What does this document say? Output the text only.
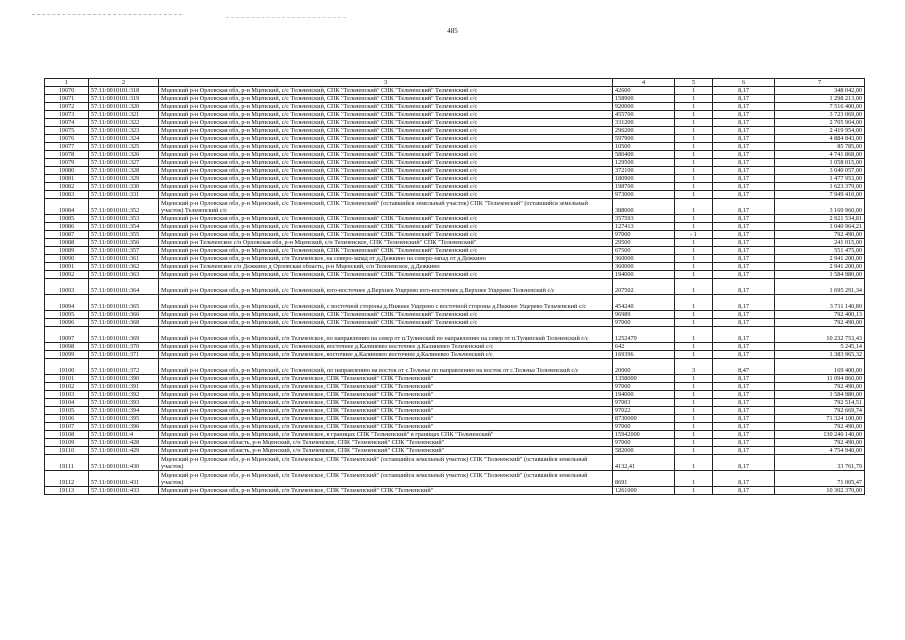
485
1	2	3	4	5	6	7
19070	57:11:0010101:318	Мценский р-н Орловская обл, р-н Мценский, с/с Тельченский, СПК "Тельченский" СПК "Тельченский" Тельченский с/с	42600	1	8,17	348 042,00
19071	57:11:0010101:319	Мценский р-н Орловская обл, р-н Мценский, с/с Тельченский, СПК "Тельченский" СПК "Тельченский" Тельченский с/с	158900	1	8,17	1 298 213,00
19072	57:11:0010101:320	Мценский р-н Орловская обл, р-н Мценский, с/с Тельченский, СПК "Тельченский" СПК "Тельченский" Тельченский с/с	920000	1	8,17	7 516 400,00
19073	57:11:0010101:321	Мценский р-н Орловская обл, р-н Мценский, с/с Тельченский, СПК "Тельченский" СПК "Тельченский" Тельченский с/с	455700	1	8,17	3 723 069,00
19074	57:11:0010101:322	Мценский р-н Орловская обл, р-н Мценский, с/с Тельченский, СПК "Тельченский" СПК "Тельченский" Тельченский с/с	331200	1	8,17	2 705 904,00
19075	57:11:0010101:323	Мценский р-н Орловская обл, р-н Мценский, с/с Тельченский, СПК "Тельченский" СПК "Тельченский" Тельченский с/с	296200	1	8,17	2 419 954,00
19076	57:11:0010101:324	Мценский р-н Орловская обл, р-н Мценский, с/с Тельченский, СПК "Тельченский" СПК "Тельченский" Тельченский с/с	597900	1	8,17	4 884 843,00
19077	57:11:0010101:325	Мценский р-н Орловская обл, р-н Мценский, с/с Тельченский, СПК "Тельченский" СПК "Тельченский" Тельченский с/с	10500	1	8,17	85 785,00
19078	57:11:0010101:326	Мценский р-н Орловская обл, р-н Мценский, с/с Тельченский, СПК "Тельченский" СПК "Тельченский" Тельченский с/с	580400	1	8,17	4 741 868,00
19079	57:11:0010101:327	Мценский р-н Орловская обл, р-н Мценский, с/с Тельченский, СПК "Тельченский" СПК "Тельченский" Тельченский с/с	129500	1	8,17	1 058 015,00
19080	57:11:0010101:328	Мценский р-н Орловская обл, р-н Мценский, с/с Тельченский, СПК "Тельченский" СПК "Тельченский" Тельченский с/с	372100	1	8,17	3 040 057,00
19081	57:11:0010101:329	Мценский р-н Орловская обл, р-н Мценский, с/с Тельченский, СПК "Тельченский" СПК "Тельченский" Тельченский с/с	180900	1	8,17	1 477 953,00
19082	57:11:0010101:330	Мценский р-н Орловская обл, р-н Мценский, с/с Тельченский, СПК "Тельченский" СПК "Тельченский" Тельченский с/с	198700	1	8,17	1 623 379,00
19083	57:11:0010101:331	Мценский р-н Орловская обл, р-н Мценский, с/с Тельченский, СПК "Тельченский" СПК "Тельченский" Тельченский с/с	973000	1	8,17	7 949 410,00
19084	57:11:0010101:352	Мценский р-н Орловская обл, р-н Мценский, с/с Тельченский, СПК "Тельченский" (оставшийся земельный участок) СПК "Тельченский" (оставшийся земельный участок) Тельченский с/с	388000	1	8,17	3 169 960,00
19085	57:11:0010101:353	Мценский р-н Орловская обл, р-н Мценский, с/с Тельченский, СПК "Тельченский" СПК "Тельченский" Тельченский с/с	357593	1	8,17	2 921 534,81
19086	57:11:0010101:354	Мценский р-н Орловская обл, р-н Мценский, с/с Тельченский, СПК "Тельченский" СПК "Тельченский" Тельченский с/с	127413	1	8,17	1 040 964,21
19087	57:11:0010101:355	Мценский р-н Орловская обл, р-н Мценский, с/с Тельченский, СПК "Тельченский" СПК "Тельченский" Тельченский с/с	97000	- 1	8,17	792 490,00
19088	57:11:0010101:356	Мценский р-н Тельченское с/п Орловская обл, р-н Мценский, с/п Тельченское, СПК "Тельченский" СПК "Тельченский"	29500	1	8,17	241 015,00
19089	57:11:0010101:357	Мценский р-н Орловская обл, р-н Мценский, с/с Тельченский, СПК "Тельченский" СПК "Тельченский" Тельченский с/с	67500	1	8,17	551 475,00
19090	57:11:0010101:361	Мценский р-н Орловская обл, р-н Мценский, с/п Тельченское, на северо-запад от д.Дежкино на северо-запад от д.Дежкино	360000	1	8,17	2 941 200,00
19091	57:11:0010101:362	Мценский р-н Тельченское с/п Дежкино д Орловская область, р-н Мценский, с/п Тельченское, д.Дежкино	360000	1	8,17	2 941 200,00
19092	57:11:0010101:363	Мценский р-н Орловская обл, р-н Мценский, с/с Тельченский, СПК "Тельченский" СПК "Тельченский" Тельченский с/с	194000	1	8,17	1 584 980,00
19093	57:11:0010101:364	Мценский р-н Орловская обл, р-н Мценский, с/с Тельченский, юго-восточнее д.Верхнее Ущерево юго-восточнее д.Верхнее Ущерево Тельченский с/с	207502	1	8,17	1 695 291,34
19094	57:11:0010101:365	Мценский р-н Орловская обл, р-н Мценский, с/с Тельченский, с восточной стороны д.Нижнее Ущерево с восточной стороны д.Нижнее Ущерево Тельченский с/с	454240	1	8,17	3 711 140,80
19095	57:11:0010101:366	Мценский р-н Орловская обл, р-н Мценский, с/с Тельченский, СПК "Тельченский" СПК "Тельченский" Тельченский с/с	96989	1	8,17	792 400,13
19096	57:11:0010101:368	Мценский р-н Орловская обл, р-н Мценский, с/с Тельченский, СПК "Тельченский" СПК "Тельченский" Тельченский с/с	97000	1	8,17	792 490,00
19097	57:11:0010101:369	Мценский р-н Орловская обл, р-н Мценский, с/п Тельченское, по направлению на север от п.Тулинский по направлению на север от п.Тулинский Тельченский с/с	1252479	1	8,17	10 232 753,43
19098	57:11:0010101:370	Мценский р-н Орловская обл, р-н Мценский, с/с Тельченский, восточнее д.Калиневео восточнее д.Калиневео Тельченский с/с	642	1	8,17	5 245,14
19099	57:11:0010101:371	Мценский р-н Орловская обл, р-н Мценский, с/п Тельченское, восточнее д.Калиневео восточнее д.Калиневео Тельченский с/с	169396	1	8,17	1 383 965,32
19100	57:11:0010101:372	Мценский р-н Орловская обл, р-н Мценский, с/с Тельченский, по направлению на восток от с.Тельчье по направлению на восток от с.Тельчье Тельченский с/с	20000	3	8,47	169 400,00
19101	57:11:0010101:390	Мценский р-н Орловская обл, р-н Мценский, с/п Тельченское, СПК "Тельченский" СПК "Тельченский"	1358000	1	8,17	11 094 860,00
19102	57:11:0010101:391	Мценский р-н Орловская обл, р-н Мценский, с/п Тельченское, СПК "Тельченский" СПК "Тельченский"	97000	1	8,17	792 490,00
19103	57:11:0010101:392	Мценский р-н Орловская обл, р-н Мценский, с/п Тельченское, СПК "Тельченский" СПК "Тельченский"	194000	1	8,17	1 584 980,00
19104	57:11:0010101:393	Мценский р-н Орловская обл, р-н Мценский, с/п Тельченское, СПК "Тельченский" СПК "Тельченский"	97003	1	8,17	792 514,51
19105	57:11:0010101:394	Мценский р-н Орловская обл, р-н Мценский, с/п Тельченское, СПК "Тельченский" СПК "Тельченский"	97022	1	8,17	792 669,74
19106	57:11:0010101:395	Мценский р-н Орловская обл, р-н Мценский, с/п Тельченское, СПК "Тельченский" СПК "Тельченский"	8730000	1	8,17	71 324 100,00
19107	57:11:0010101:396	Мценский р-н Орловская обл, р-н Мценский, с/п Тельченское, СПК "Тельченский" СПК "Тельченский"	97000	1	8,17	792 490,00
19108	57:11:0010101:4	Мценский р-н Орловская обл, р-н Мценский, с/п Тельченское, в границах СПК "Тельченский" в границах СПК "Тельченский"	15942000	1	8,17	130 246 140,00
19109	57:11:0010101:428	Мценский р-н Орловская область, р-н Мценский, с/п Тельченское, СПК "Тельченский" СПК "Тельченский"	97000	1	8,17	792 490,00
19110	57:11:0010101:429	Мценский р-н Орловская область, р-н Мценский, с/п Тельченское, СПК "Тельченский" СПК "Тельченский"	582000	1	8,17	4 754 940,00
19111	57:11:0010101:430	Мценский р-н Орловская обл, р-н Мценский, с/п Тельченское, СПК "Тельченский" (оставшийся земельный участок) СПК "Тельченский" (оставшийся земельный участок)	4132,41	1	8,17	33 761,79
19112	57:11:0010101:431	Мценский р-н Орловская обл, р-н Мценский, с/п Тельченское, СПК "Тельченский" (оставшийся земельный участок) СПК "Тельченский" (оставшийся земельный участок)	8691	1	8,17	71 005,47
19113	57:11:0010101:433	Мценский р-н Орловская обл, р-н Мценский, с/п Тельченское, СПК "Тельченский" СПК "Тельченский"	1261000	1	8,17	10 302 370,00
